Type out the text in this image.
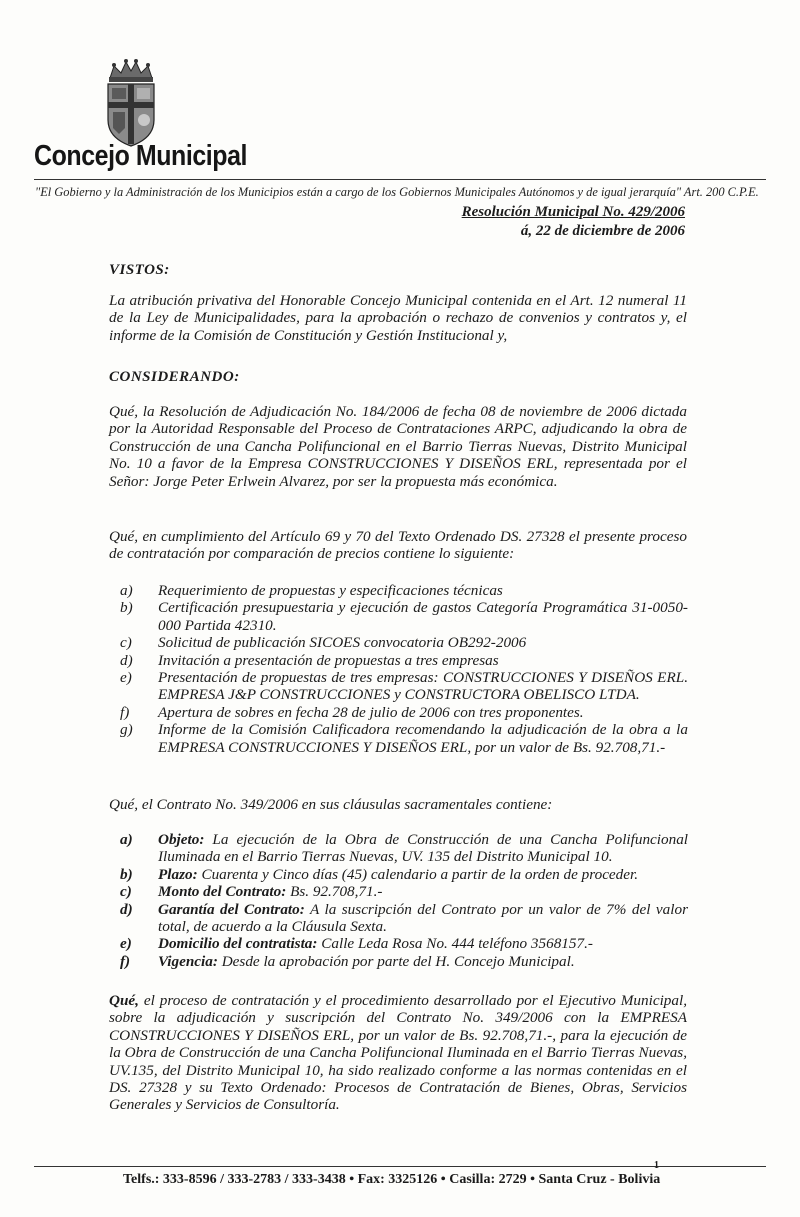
Concejo Municipal
"El Gobierno y la Administración de los Municipios están a cargo de los Gobiernos Municipales Autónomos y de igual jerarquía" Art. 200 C.P.E.
Resolución Municipal No. 429/2006
á, 22 de diciembre de 2006
VISTOS:

La atribución privativa del Honorable Concejo Municipal contenida en el Art. 12 numeral 11 de la Ley de Municipalidades, para la aprobación o rechazo de convenios y contratos y, el informe de la Comisión de Constitución y Gestión Institucional y,

CONSIDERANDO:

Qué, la Resolución de Adjudicación No. 184/2006 de fecha 08 de noviembre de 2006 dictada por la Autoridad Responsable del Proceso de Contrataciones ARPC, adjudicando la obra de Construcción de una Cancha Polifuncional en el Barrio Tierras Nuevas, Distrito Municipal No. 10 a favor de la Empresa CONSTRUCCIONES Y DISEÑOS ERL, representada por el Señor: Jorge Peter Erlwein Alvarez, por ser la propuesta más económica.

Qué, en cumplimiento del Artículo 69 y 70 del Texto Ordenado DS. 27328 el presente proceso de contratación por comparación de precios contiene lo siguiente:

a) Requerimiento de propuestas y especificaciones técnicas
b) Certificación presupuestaria y ejecución de gastos Categoría Programática 31-0050-000 Partida 42310.
c) Solicitud de publicación SICOES convocatoria OB292-2006
d) Invitación a presentación de propuestas a tres empresas
e) Presentación de propuestas de tres empresas: CONSTRUCCIONES Y DISEÑOS ERL. EMPRESA J&P CONSTRUCCIONES y CONSTRUCTORA OBELISCO LTDA.
f) Apertura de sobres en fecha 28 de julio de 2006 con tres proponentes.
g) Informe de la Comisión Calificadora recomendando la adjudicación de la obra a la EMPRESA CONSTRUCCIONES Y DISEÑOS ERL, por un valor de Bs. 92.708,71.-

Qué, el Contrato No. 349/2006 en sus cláusulas sacramentales contiene:

a) Objeto: La ejecución de la Obra de Construcción de una Cancha Polifuncional Iluminada en el Barrio Tierras Nuevas, UV. 135 del Distrito Municipal 10.
b) Plazo: Cuarenta y Cinco días (45) calendario a partir de la orden de proceder.
c) Monto del Contrato: Bs. 92.708,71.-
d) Garantía del Contrato: A la suscripción del Contrato por un valor de 7% del valor total, de acuerdo a la Cláusula Sexta.
e) Domicilio del contratista: Calle Leda Rosa No. 444 teléfono 3568157.-
f) Vigencia: Desde la aprobación por parte del H. Concejo Municipal.

Qué, el proceso de contratación y el procedimiento desarrollado por el Ejecutivo Municipal, sobre la adjudicación y suscripción del Contrato No. 349/2006 con la EMPRESA CONSTRUCCIONES Y DISEÑOS ERL, por un valor de Bs. 92.708,71.-, para la ejecución de la Obra de Construcción de una Cancha Polifuncional Iluminada en el Barrio Tierras Nuevas, UV.135, del Distrito Municipal 10, ha sido realizado conforme a las normas contenidas en el DS. 27328 y su Texto Ordenado: Procesos de Contratación de Bienes, Obras, Servicios Generales y Servicios de Consultoría.

1
Telfs.: 333-8596 / 333-2783 / 333-3438 • Fax: 3325126 • Casilla: 2729 • Santa Cruz - Bolivia
